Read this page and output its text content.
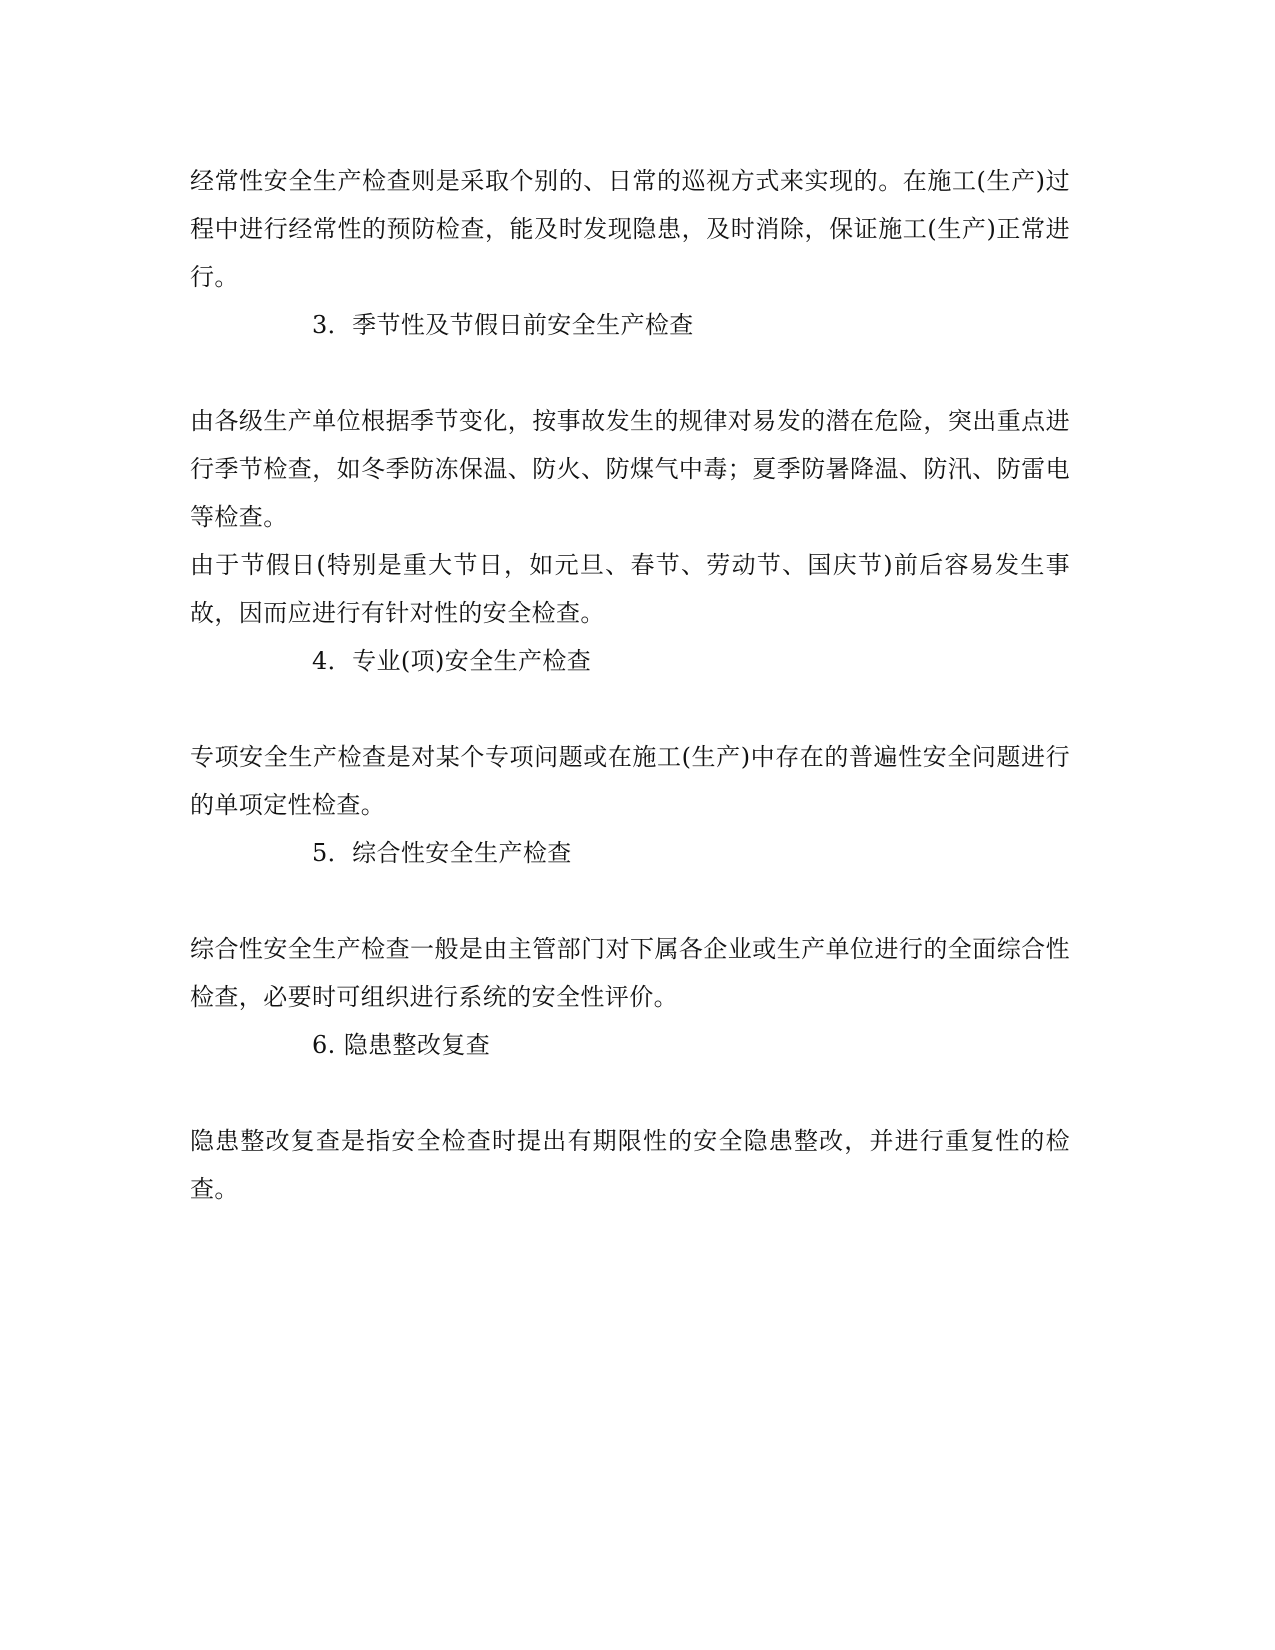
经常性安全生产检查则是采取个别的、日常的巡视方式来实现的。在施工(生产)过程中进行经常性的预防检查，能及时发现隐患，及时消除，保证施工(生产)正常进行。

3．季节性及节假日前安全生产检查

由各级生产单位根据季节变化，按事故发生的规律对易发的潜在危险，突出重点进行季节检查，如冬季防冻保温、防火、防煤气中毒；夏季防暑降温、防汛、防雷电等检查。

由于节假日(特别是重大节日，如元旦、春节、劳动节、国庆节)前后容易发生事故，因而应进行有针对性的安全检查。

4．专业(项)安全生产检查

专项安全生产检查是对某个专项问题或在施工(生产)中存在的普遍性安全问题进行的单项定性检查。

5．综合性安全生产检查

综合性安全生产检查一般是由主管部门对下属各企业或生产单位进行的全面综合性检查，必要时可组织进行系统的安全性评价。

6. 隐患整改复查

隐患整改复查是指安全检查时提出有期限性的安全隐患整改，并进行重复性的检查。
